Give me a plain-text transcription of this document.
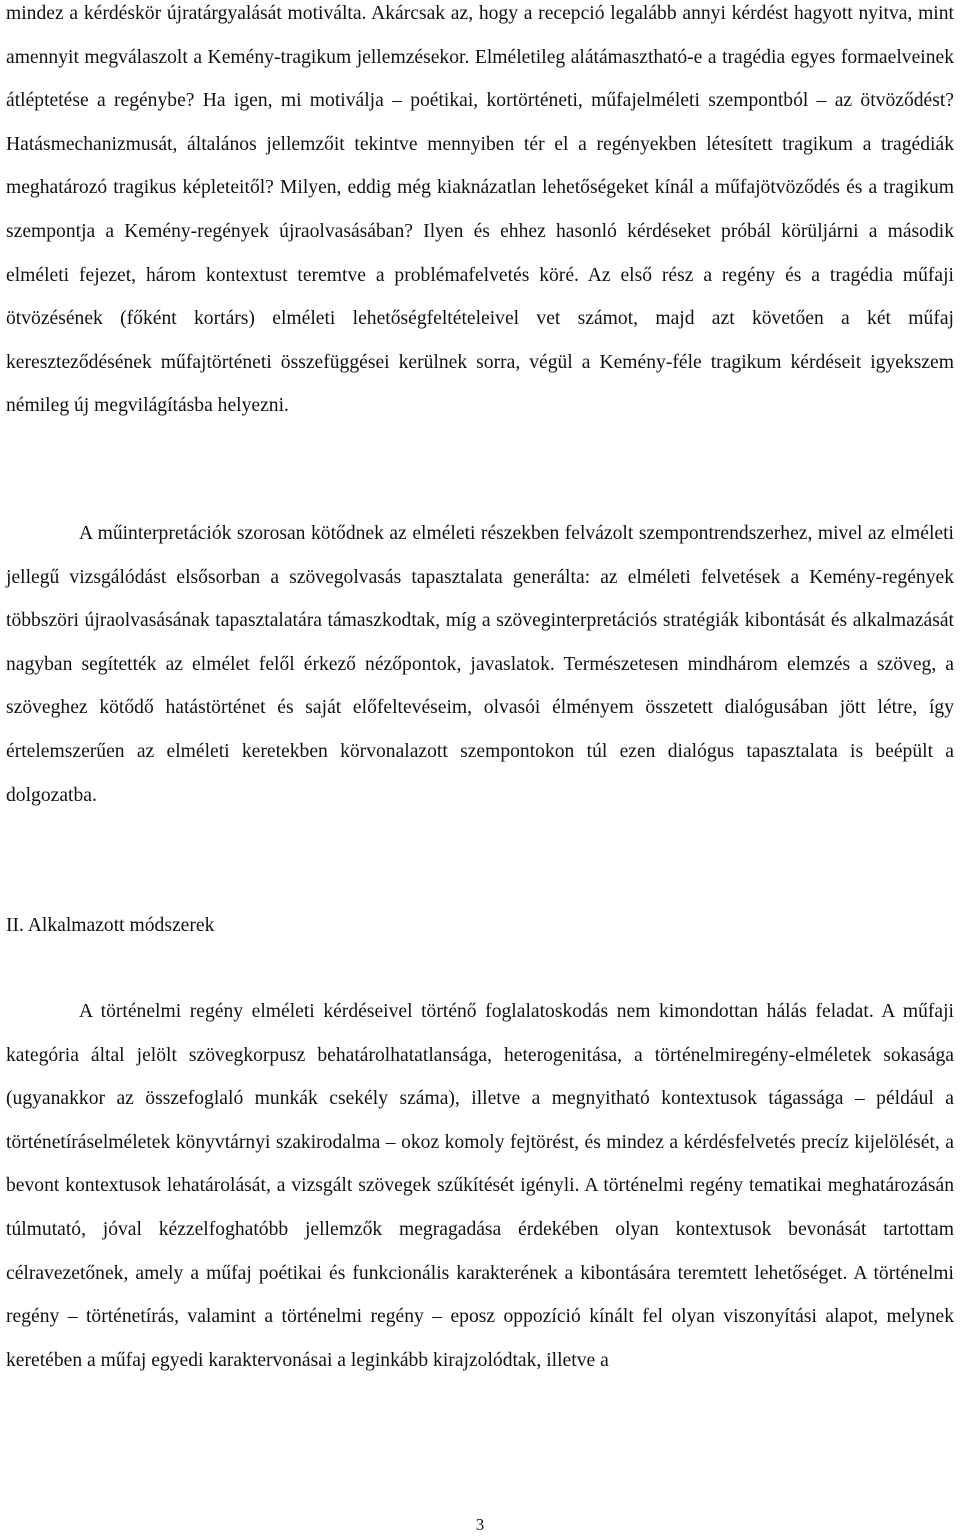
mindez a kérdéskör újratárgyalását motiválta. Akárcsak az, hogy a recepció legalább annyi kérdést hagyott nyitva, mint amennyit megválaszolt a Kemény-tragikum jellemzésekor. Elméletileg alátámasztható-e a tragédia egyes formaelveinek átléptetése a regénybe? Ha igen, mi motiválja – poétikai, kortörténeti, műfajelméleti szempontból – az ötvöződést? Hatásmechanizmusát, általános jellemzőit tekintve mennyiben tér el a regényekben létesített tragikum a tragédiák meghatározó tragikus képleteitől? Milyen, eddig még kiaknázatlan lehetőségeket kínál a műfajötvöződés és a tragikum szempontja a Kemény-regények újraolvasásában? Ilyen és ehhez hasonló kérdéseket próbál körüljárni a második elméleti fejezet, három kontextust teremtve a problémafelvetés köré. Az első rész a regény és a tragédia műfaji ötvözésének (főként kortárs) elméleti lehetőségfeltételeivel vet számot, majd azt követően a két műfaj kereszteződésének műfajtörténeti összefüggései kerülnek sorra, végül a Kemény-féle tragikum kérdéseit igyekszem némileg új megvilágításba helyezni.

A műinterpretációk szorosan kötődnek az elméleti részekben felvázolt szempontrendszerhez, mivel az elméleti jellegű vizsgálódást elsősorban a szövegolvasás tapasztalata generálta: az elméleti felvetések a Kemény-regények többszöri újraolvasásának tapasztalatára támaszkodtak, míg a szöveginterpretációs stratégiák kibontását és alkalmazását nagyban segítették az elmélet felől érkező nézőpontok, javaslatok. Természetesen mindhárom elemzés a szöveg, a szöveghez kötődő hatástörténet és saját előfeltevéseim, olvasói élményem összetett dialógusában jött létre, így értelemszerűen az elméleti keretekben körvonalazott szempontokon túl ezen dialógus tapasztalata is beépült a dolgozatba.

II. Alkalmazott módszerek

A történelmi regény elméleti kérdéseivel történő foglalatoskodás nem kimondottan hálás feladat. A műfaji kategória által jelölt szövegkorpusz behatárolhatatlansága, heterogenitása, a történelmiregény-elméletek sokasága (ugyanakkor az összefoglaló munkák csekély száma), illetve a megnyitható kontextusok tágassága – például a történetíráselméletek könyvtárnyi szakirodalma – okoz komoly fejtörést, és mindez a kérdésfelvetés precíz kijelölését, a bevont kontextusok lehatárolását, a vizsgált szövegek szűkítését igényli. A történelmi regény tematikai meghatározásán túlmutató, jóval kézzelfoghatóbb jellemzők megragadása érdekében olyan kontextusok bevonását tartottam célravezetőnek, amely a műfaj poétikai és funkcionális karakterének a kibontására teremtett lehetőséget. A történelmi regény – történetírás, valamint a történelmi regény – eposz oppozíció kínált fel olyan viszonyítási alapot, melynek keretében a műfaj egyedi karaktervonásai a leginkább kirajzolódtak, illetve a

3
